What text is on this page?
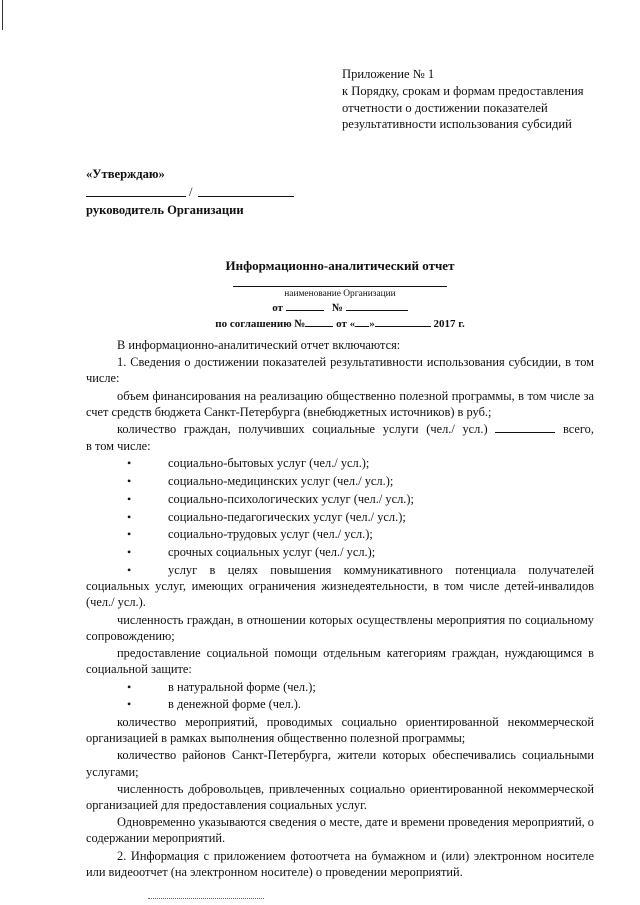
Приложение № 1
к Порядку, срокам и формам предоставления
отчетности о достижении показателей
результативности использования субсидий
«Утверждаю»
/
руководитель Организации
Информационно-аналитический отчет
наименование Организации
от	№
по соглашению №	от « »	2017 г.
В информационно-аналитический отчет включаются:
1. Сведения о достижении показателей результативности использования субсидии, в том числе:
объем финансирования на реализацию общественно полезной программы, в том числе за счет средств бюджета Санкт-Петербурга (внебюджетных источников) в руб.;
количество граждан, получивших социальные услуги (чел./ усл.)	всего,
в том числе:
•	социально-бытовых услуг (чел./ усл.);
•	социально-медицинских услуг (чел./ усл.);
•	социально-психологических услуг (чел./ усл.);
•	социально-педагогических услуг (чел./ усл.);
•	социально-трудовых услуг (чел./ усл.);
•	срочных социальных услуг (чел./ усл.);
•	услуг в целях повышения коммуникативного потенциала получателей социальных услуг, имеющих ограничения жизнедеятельности, в том числе детей-инвалидов (чел./ усл.).
численность граждан, в отношении которых осуществлены мероприятия по социальному сопровождению;
предоставление социальной помощи отдельным категориям граждан, нуждающимся в социальной защите:
•	в натуральной форме (чел.);
•	в денежной форме (чел.).
количество мероприятий, проводимых социально ориентированной некоммерческой организацией в рамках выполнения общественно полезной программы;
количество районов Санкт-Петербурга, жители которых обеспечивались социальными услугами;
численность добровольцев, привлеченных социально ориентированной некоммерческой организацией для предоставления социальных услуг.
Одновременно указываются сведения о месте, дате и времени проведения мероприятий, о содержании мероприятий.
2. Информация с приложением фотоотчета на бумажном и (или) электронном носителе или видеоотчет (на электронном носителе) о проведении мероприятий.
